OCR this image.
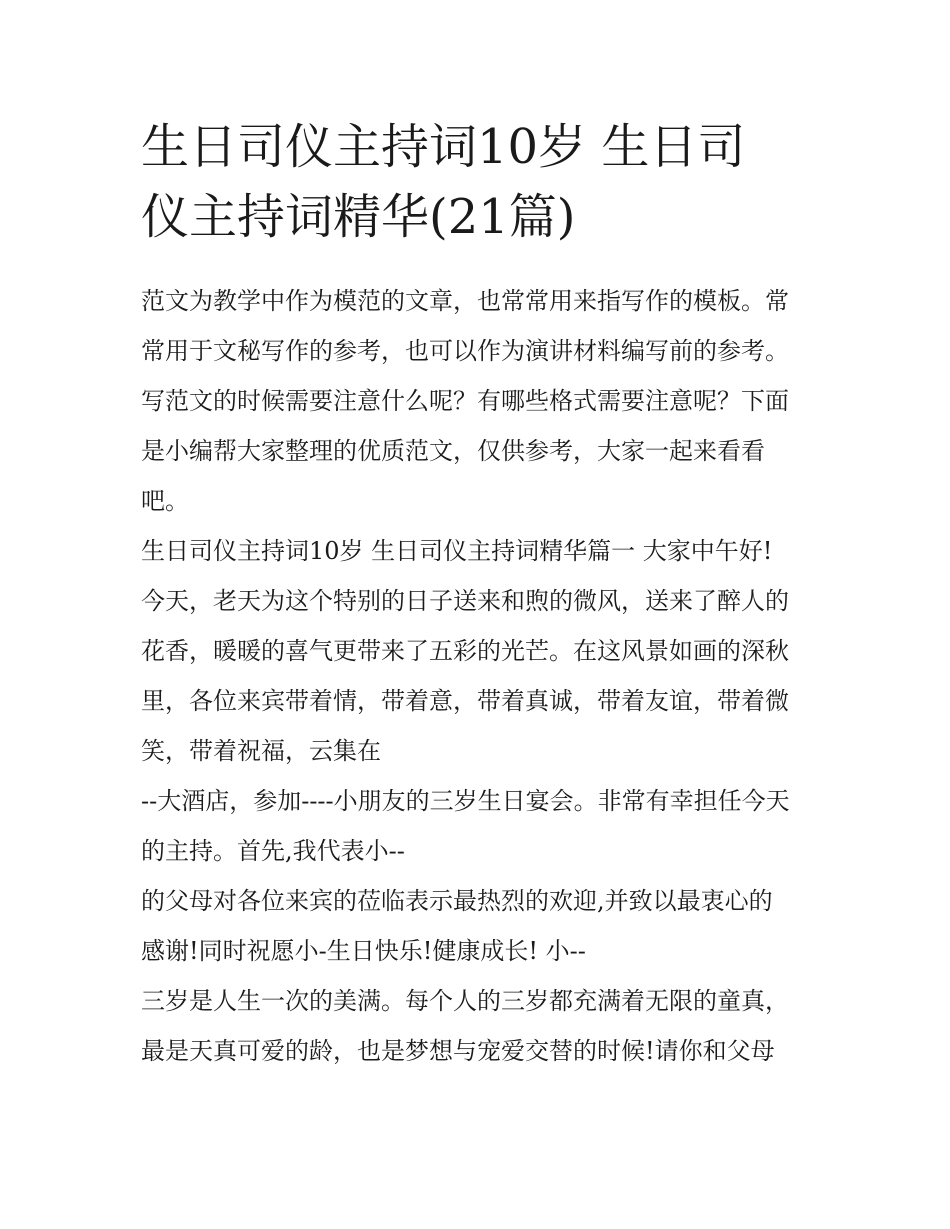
生日司仪主持词10岁 生日司
仪主持词精华(21篇)
范文为教学中作为模范的文章，也常常用来指写作的模板。常
常用于文秘写作的参考，也可以作为演讲材料编写前的参考。
写范文的时候需要注意什么呢？有哪些格式需要注意呢？下面
是小编帮大家整理的优质范文，仅供参考，大家一起来看看
吧。
生日司仪主持词10岁 生日司仪主持词精华篇一 大家中午好!
今天，老天为这个特别的日子送来和煦的微风，送来了醉人的
花香，暖暖的喜气更带来了五彩的光芒。在这风景如画的深秋
里，各位来宾带着情，带着意，带着真诚，带着友谊，带着微
笑，带着祝福，云集在
--大酒店，参加----小朋友的三岁生日宴会。非常有幸担任今天
的主持。首先,我代表小--
的父母对各位来宾的莅临表示最热烈的欢迎,并致以最衷心的
感谢!同时祝愿小-生日快乐!健康成长! 小--
三岁是人生一次的美满。每个人的三岁都充满着无限的童真，
最是天真可爱的龄，也是梦想与宠爱交替的时候!请你和父母
